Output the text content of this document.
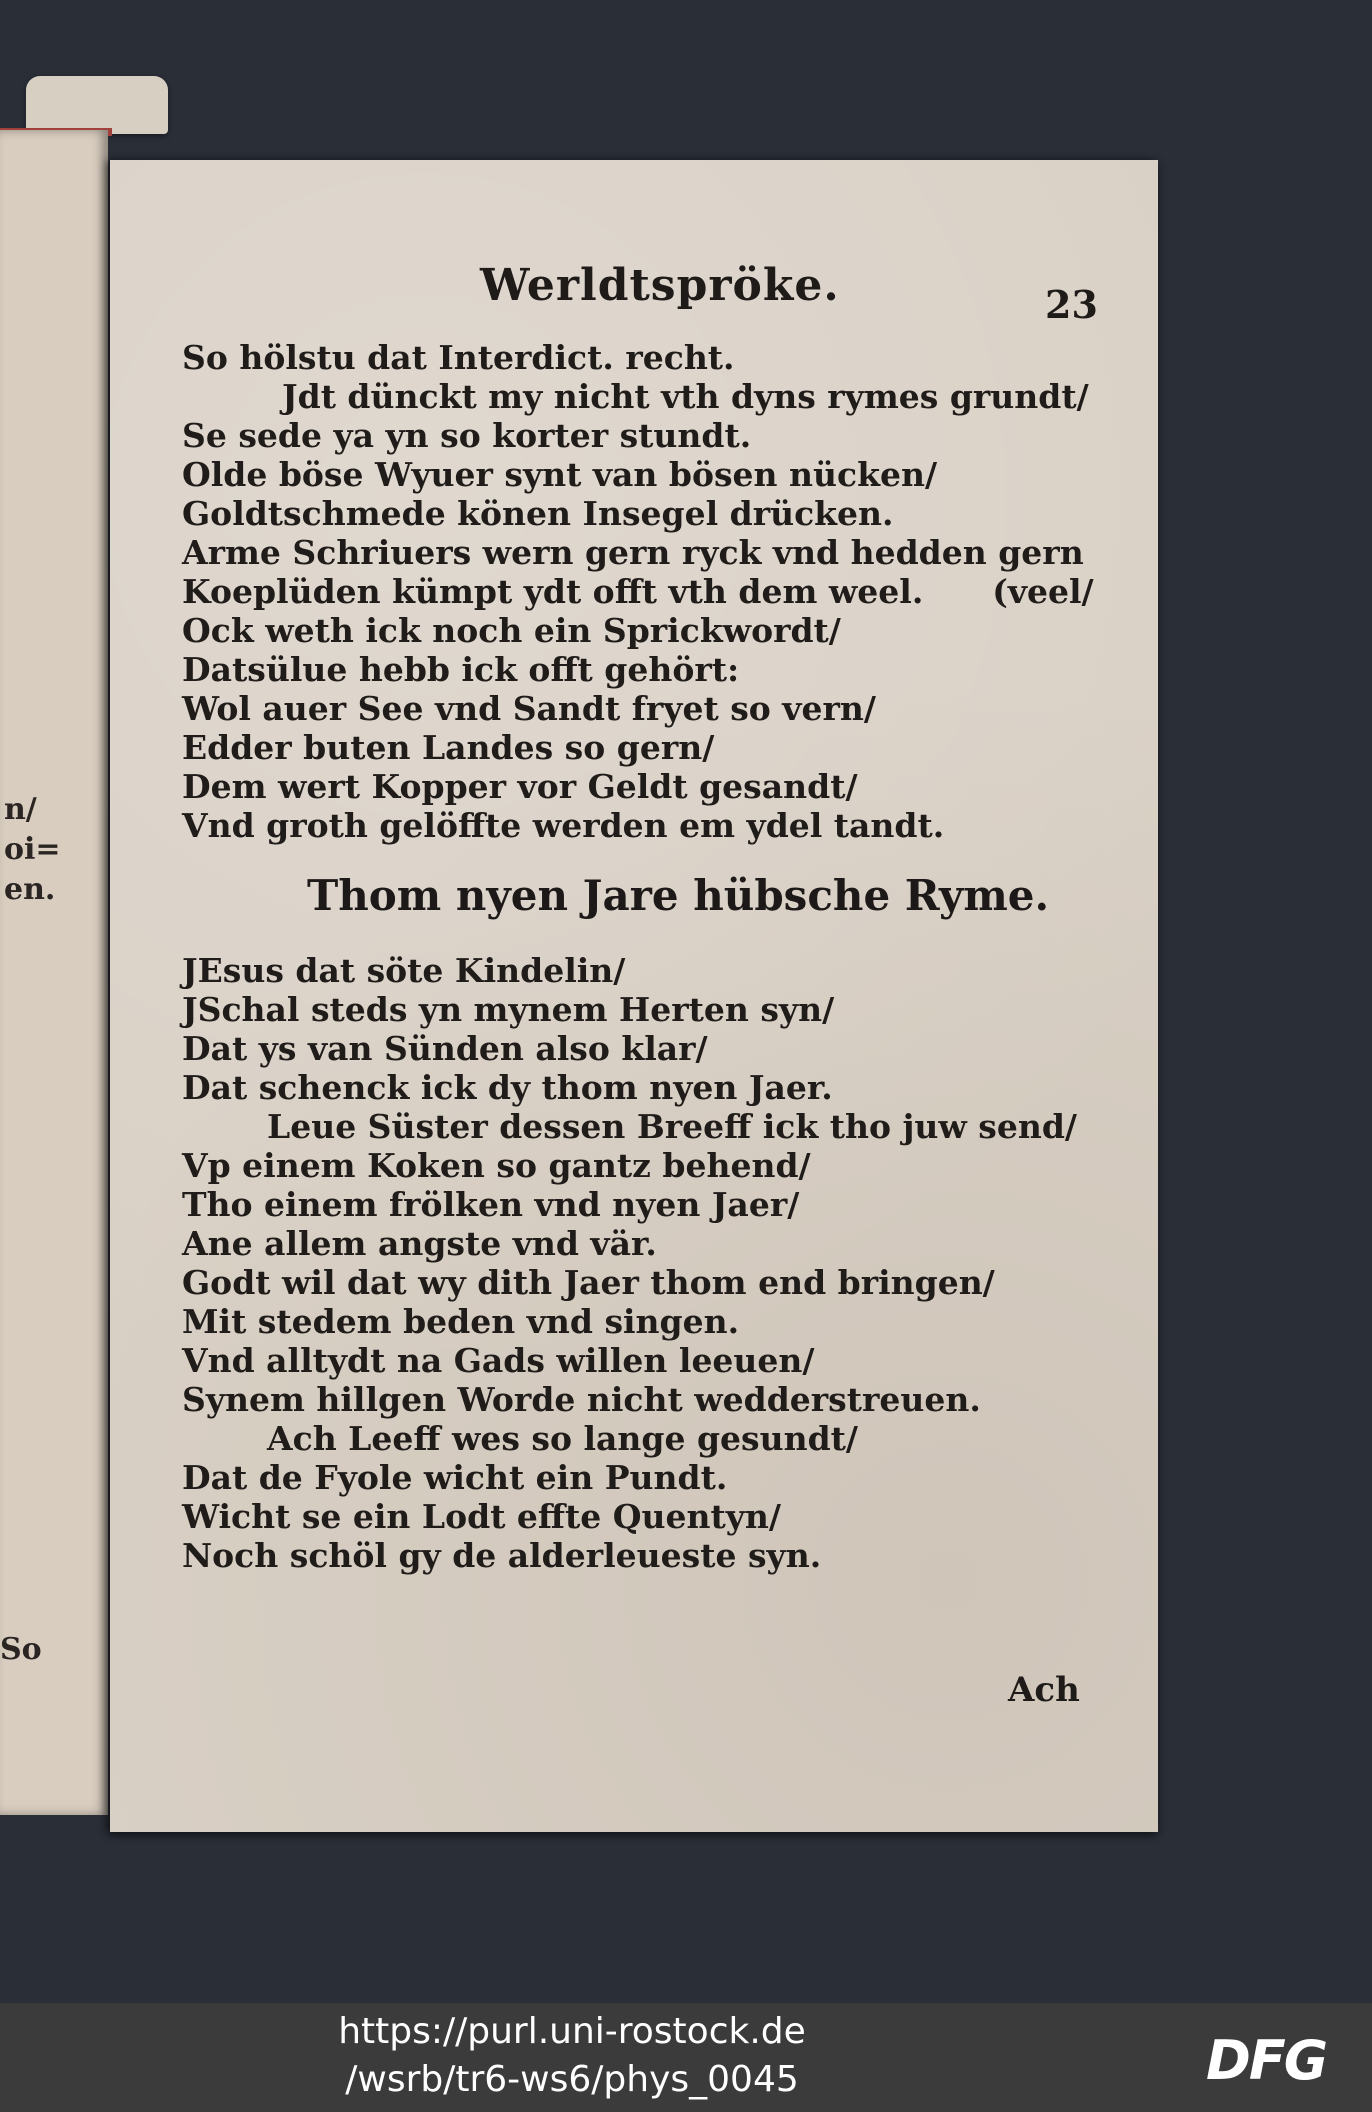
n/
oi=
en.
So
Werldtspröke.	23
So hölstu dat Interdict. recht.
Jdt dünckt my nicht vth dyns rymes grundt/
Se sede ya yn so korter stundt.
Olde böse Wyuer synt van bösen nücken/
Goldtschmede könen Insegel drücken.
Arme Schriuers wern gern ryck vnd hedden gern
Koeplüden kümpt ydt offt vth dem weel.      (veel/
Ock weth ick noch ein Sprickwordt/
Datsülue hebb ick offt gehört:
Wol auer See vnd Sandt fryet so vern/
Edder buten Landes so gern/
Dem wert Kopper vor Geldt gesandt/
Vnd groth gelöffte werden em ydel tandt.
Thom nyen Jare hübsche Ryme.
JEsus dat söte Kindelin/
JSchal steds yn mynem Herten syn/
Dat ys van Sünden also klar/
Dat schenck ick dy thom nyen Jaer.
Leue Süster dessen Breeff ick tho juw send/
Vp einem Koken so gantz behend/
Tho einem frölken vnd nyen Jaer/
Ane allem angste vnd vär.
Godt wil dat wy dith Jaer thom end bringen/
Mit stedem beden vnd singen.
Vnd alltydt na Gads willen leeuen/
Synem hillgen Worde nicht wedderstreuen.
Ach Leeff wes so lange gesundt/
Dat de Fyole wicht ein Pundt.
Wicht se ein Lodt effte Quentyn/
Noch schöl gy de alderleueste syn.
Ach
https://purl.uni-rostock.de
/wsrb/tr6-ws6/phys_0045	DFG
